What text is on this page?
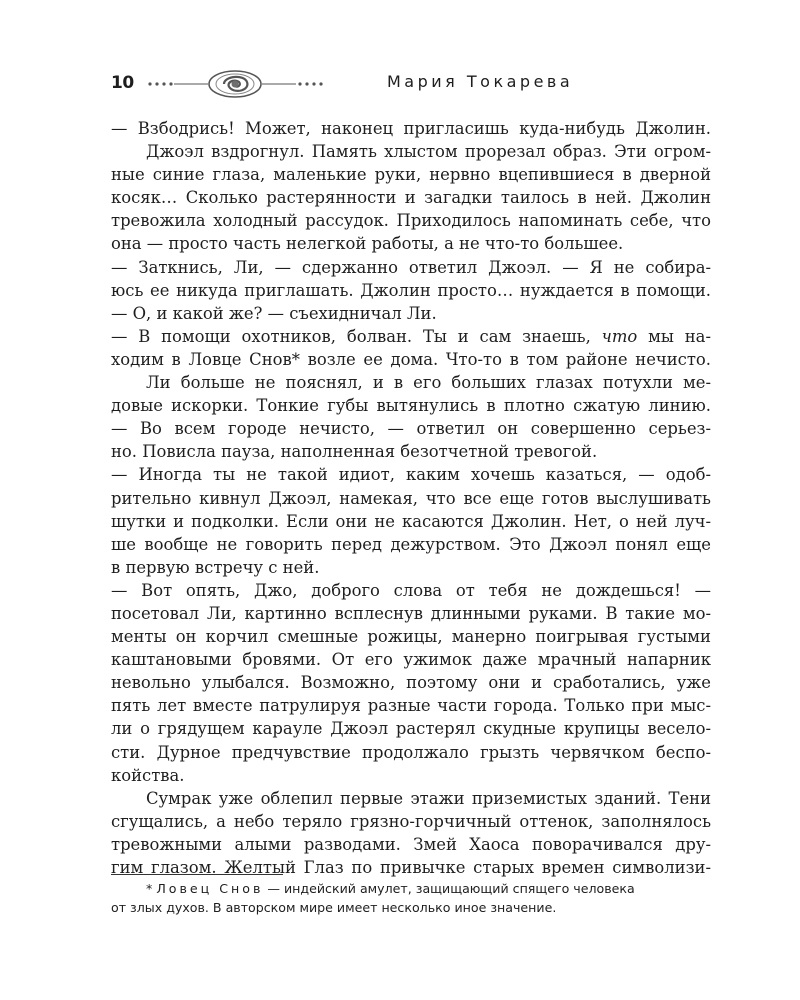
10	Мария Токарева
— Взбодрись! Может, наконец пригласишь куда-нибудь Джолин.
Джоэл вздрогнул. Память хлыстом прорезал образ. Эти огром-
ные синие глаза, маленькие руки, нервно вцепившиеся в дверной
косяк… Сколько растерянности и загадки таилось в ней. Джолин
тревожила холодный рассудок. Приходилось напоминать себе, что
она — просто часть нелегкой работы, а не что-то большее.
— Заткнись, Ли, — сдержанно ответил Джоэл. — Я не собира-
юсь ее никуда приглашать. Джолин просто… нуждается в помощи.
— О, и какой же? — съехидничал Ли.
— В помощи охотников, болван. Ты и сам знаешь, что мы на-
ходим в Ловце Снов* возле ее дома. Что-то в том районе нечисто.
Ли больше не пояснял, и в его больших глазах потухли ме-
довые искорки. Тонкие губы вытянулись в плотно сжатую линию.
— Во всем городе нечисто, — ответил он совершенно серьез-
но. Повисла пауза, наполненная безотчетной тревогой.
— Иногда ты не такой идиот, каким хочешь казаться, — одоб-
рительно кивнул Джоэл, намекая, что все еще готов выслушивать
шутки и подколки. Если они не касаются Джолин. Нет, о ней луч-
ше вообще не говорить перед дежурством. Это Джоэл понял еще
в первую встречу с ней.
— Вот опять, Джо, доброго слова от тебя не дождешься! —
посетовал Ли, картинно всплеснув длинными руками. В такие мо-
менты он корчил смешные рожицы, манерно поигрывая густыми
каштановыми бровями. От его ужимок даже мрачный напарник
невольно улыбался. Возможно, поэтому они и сработались, уже
пять лет вместе патрулируя разные части города. Только при мыс-
ли о грядущем карауле Джоэл растерял скудные крупицы весело-
сти. Дурное предчувствие продолжало грызть червячком беспо-
койства.
Сумрак уже облепил первые этажи приземистых зданий. Тени
сгущались, а небо теряло грязно-горчичный оттенок, заполнялось
тревожными алыми разводами. Змей Хаоса поворачивался дру-
гим глазом. Желтый Глаз по привычке старых времен символизи-
* Ловец Снов — индейский амулет, защищающий спящего человека
от злых духов. В авторском мире имеет несколько иное значение.
